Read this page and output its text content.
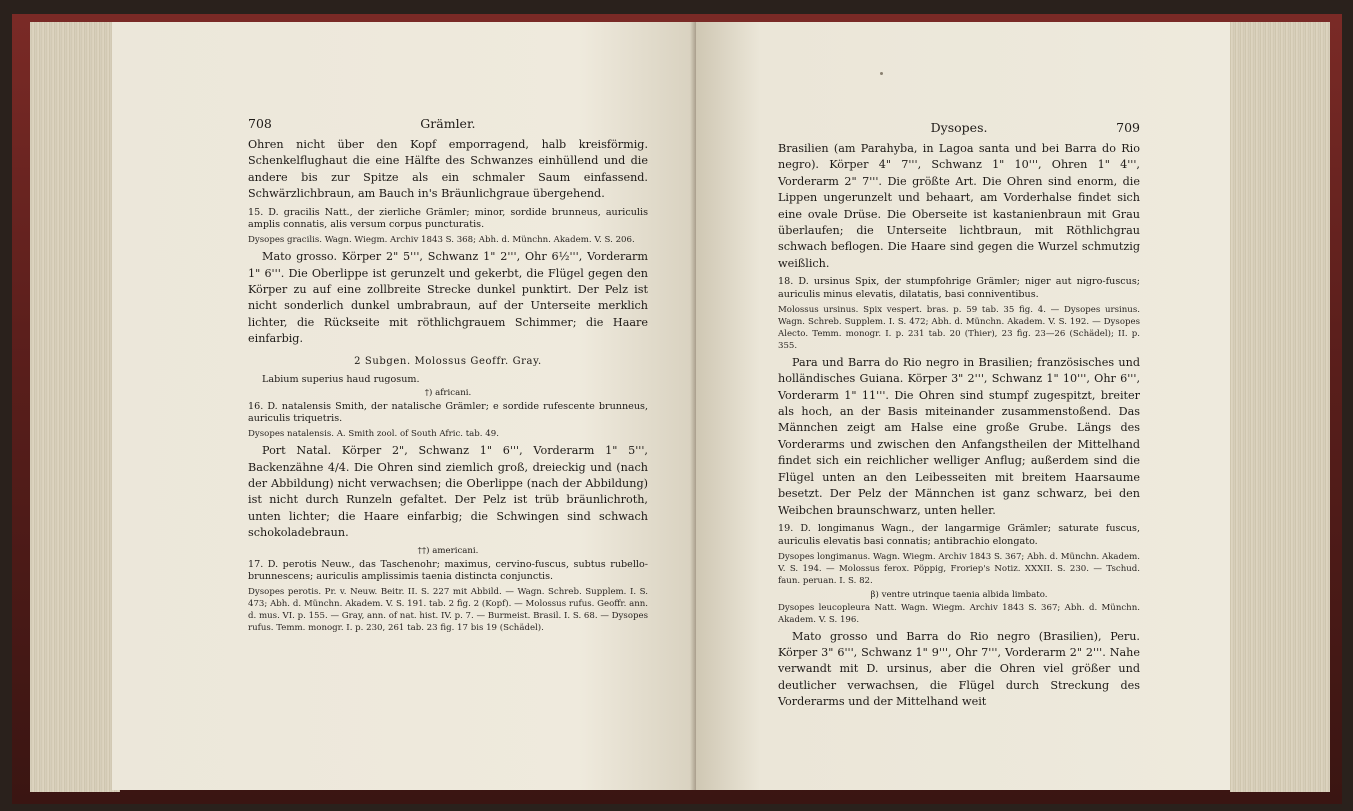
708	Grämler.

Ohren nicht über den Kopf emporragend, halb kreisförmig. Schenkelflughaut die eine Hälfte des Schwanzes einhüllend und die andere bis zur Spitze als ein schmaler Saum einfassend. Schwärzlichbraun, am Bauch in's Bräunlichgraue übergehend.

15. D. gracilis Natt., der zierliche Grämler; minor, sordide brunneus, auriculis amplis connatis, alis versum corpus puncturatis.

Dysopes gracilis. Wagn. Wiegm. Archiv 1843 S. 368; Abh. d. Münchn. Akadem. V. S. 206.

Mato grosso. Körper 2" 5''', Schwanz 1" 2''', Ohr 6½''', Vorderarm 1" 6'''. Die Oberlippe ist gerunzelt und gekerbt, die Flügel gegen den Körper zu auf eine zollbreite Strecke dunkel punktirt. Der Pelz ist nicht sonderlich dunkel umbrabraun, auf der Unterseite merklich lichter, die Rückseite mit röthlichgrauem Schimmer; die Haare einfarbig.

2 Subgen. Molossus Geoffr. Gray.

Labium superius haud rugosum.

†) africani.

16. D. natalensis Smith, der natalische Grämler; e sordide rufescente brunneus, auriculis triquetris.

Dysopes natalensis. A. Smith zool. of South Afric. tab. 49.

Port Natal. Körper 2", Schwanz 1" 6''', Vorderarm 1" 5''', Backenzähne 4/4. Die Ohren sind ziemlich groß, dreieckig und (nach der Abbildung) nicht verwachsen; die Oberlippe (nach der Abbildung) ist nicht durch Runzeln gefaltet. Der Pelz ist trüb bräunlichroth, unten lichter; die Haare einfarbig; die Schwingen sind schwach schokoladebraun.

††) americani.

17. D. perotis Neuw., das Taschenohr; maximus, cervino-fuscus, subtus rubello-brunnescens; auriculis amplissimis taenia distincta conjunctis.

Dysopes perotis. Pr. v. Neuw. Beitr. II. S. 227 mit Abbild. — Wagn. Schreb. Supplem. I. S. 473; Abh. d. Münchn. Akadem. V. S. 191. tab. 2 fig. 2 (Kopf). — Molossus rufus. Geoffr. ann. d. mus. VI. p. 155. — Gray, ann. of nat. hist. IV. p. 7. — Burmeist. Brasil. I. S. 68. — Dysopes rufus. Temm. monogr. I. p. 230, 261 tab. 23 fig. 17 bis 19 (Schädel).

Dysopes.	709

Brasilien (am Parahyba, in Lagoa santa und bei Barra do Rio negro). Körper 4" 7''', Schwanz 1" 10''', Ohren 1" 4''', Vorderarm 2" 7'''. Die größte Art. Die Ohren sind enorm, die Lippen ungerunzelt und behaart, am Vorderhalse findet sich eine ovale Drüse. Die Oberseite ist kastanienbraun mit Grau überlaufen; die Unterseite lichtbraun, mit Röthlichgrau schwach beflogen. Die Haare sind gegen die Wurzel schmutzig weißlich.

18. D. ursinus Spix, der stumpfohrige Grämler; niger aut nigro-fuscus; auriculis minus elevatis, dilatatis, basi conniventibus.

Molossus ursinus. Spix vespert. bras. p. 59 tab. 35 fig. 4. — Dysopes ursinus. Wagn. Schreb. Supplem. I. S. 472; Abh. d. Münchn. Akadem. V. S. 192. — Dysopes Alecto. Temm. monogr. I. p. 231 tab. 20 (Thier), 23 fig. 23—26 (Schädel); II. p. 355.

Para und Barra do Rio negro in Brasilien; französisches und holländisches Guiana. Körper 3" 2''', Schwanz 1" 10''', Ohr 6''', Vorderarm 1" 11'''. Die Ohren sind stumpf zugespitzt, breiter als hoch, an der Basis miteinander zusammenstoßend. Das Männchen zeigt am Halse eine große Grube. Längs des Vorderarms und zwischen den Anfangstheilen der Mittelhand findet sich ein reichlicher welliger Anflug; außerdem sind die Flügel unten an den Leibesseiten mit breitem Haarsaume besetzt. Der Pelz der Männchen ist ganz schwarz, bei den Weibchen braunschwarz, unten heller.

19. D. longimanus Wagn., der langarmige Grämler; saturate fuscus, auriculis elevatis basi connatis; antibrachio elongato.

Dysopes longimanus. Wagn. Wiegm. Archiv 1843 S. 367; Abh. d. Münchn. Akadem. V. S. 194. — Molossus ferox. Pöppig, Froriep's Notiz. XXXII. S. 230. — Tschud. faun. peruan. I. S. 82.

β) ventre utrinque taenia albida limbato.

Dysopes leucopleura Natt. Wagn. Wiegm. Archiv 1843 S. 367; Abh. d. Münchn. Akadem. V. S. 196.

Mato grosso und Barra do Rio negro (Brasilien), Peru. Körper 3" 6''', Schwanz 1" 9''', Ohr 7''', Vorderarm 2" 2'''. Nahe verwandt mit D. ursinus, aber die Ohren viel größer und deutlicher verwachsen, die Flügel durch Streckung des Vorderarms und der Mittelhand weit
